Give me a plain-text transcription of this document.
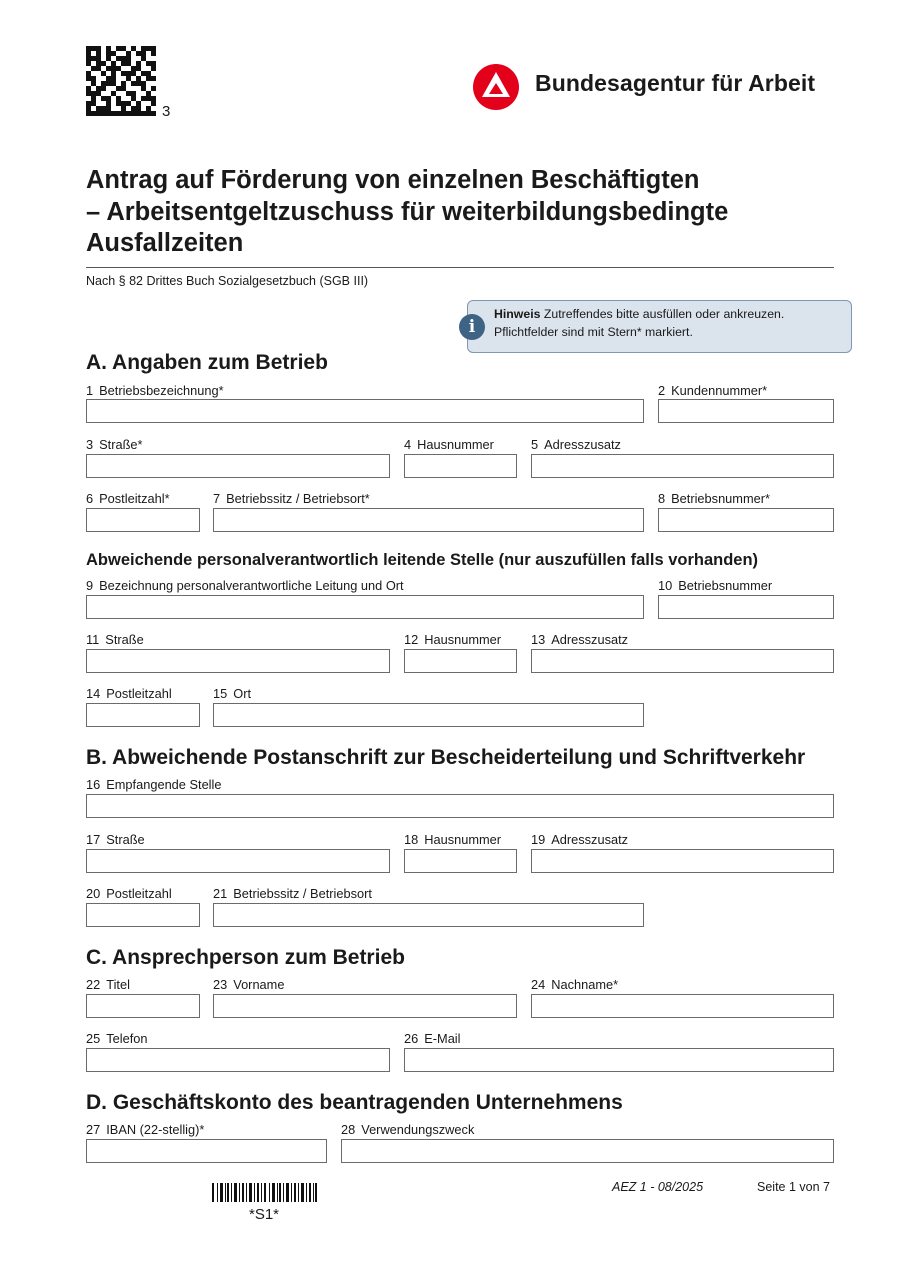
3
Bundesagentur für Arbeit
Antrag auf Förderung von einzelnen Beschäftigten
– Arbeitsentgeltzuschuss für weiterbildungsbedingte
Ausfallzeiten
Nach § 82 Drittes Buch Sozialgesetzbuch (SGB III)
Hinweis Zutreffendes bitte ausfüllen oder ankreuzen.
Pflichtfelder sind mit Stern* markiert.
i
A. Angaben zum Betrieb
1 Betriebsbezeichnung*	2 Kundennummer*
3 Straße*	4 Hausnummer	5 Adresszusatz
6 Postleitzahl*	7 Betriebssitz / Betriebsort*	8 Betriebsnummer*
Abweichende personalverantwortlich leitende Stelle (nur auszufüllen falls vorhanden)
9 Bezeichnung personalverantwortliche Leitung und Ort	10 Betriebsnummer
11 Straße	12 Hausnummer 13 Adresszusatz
14 Postleitzahl	15 Ort
B. Abweichende Postanschrift zur Bescheiderteilung und Schriftverkehr
16 Empfangende Stelle
17 Straße	18 Hausnummer 19 Adresszusatz
20 Postleitzahl	21 Betriebssitz / Betriebsort
C. Ansprechperson zum Betrieb
22 Titel	23 Vorname	24 Nachname*
25 Telefon	26 E-Mail
D. Geschäftskonto des beantragenden Unternehmens
27 IBAN (22-stellig)*	28 Verwendungszweck
*S1*
AEZ 1 - 08/2025	Seite 1 von 7
